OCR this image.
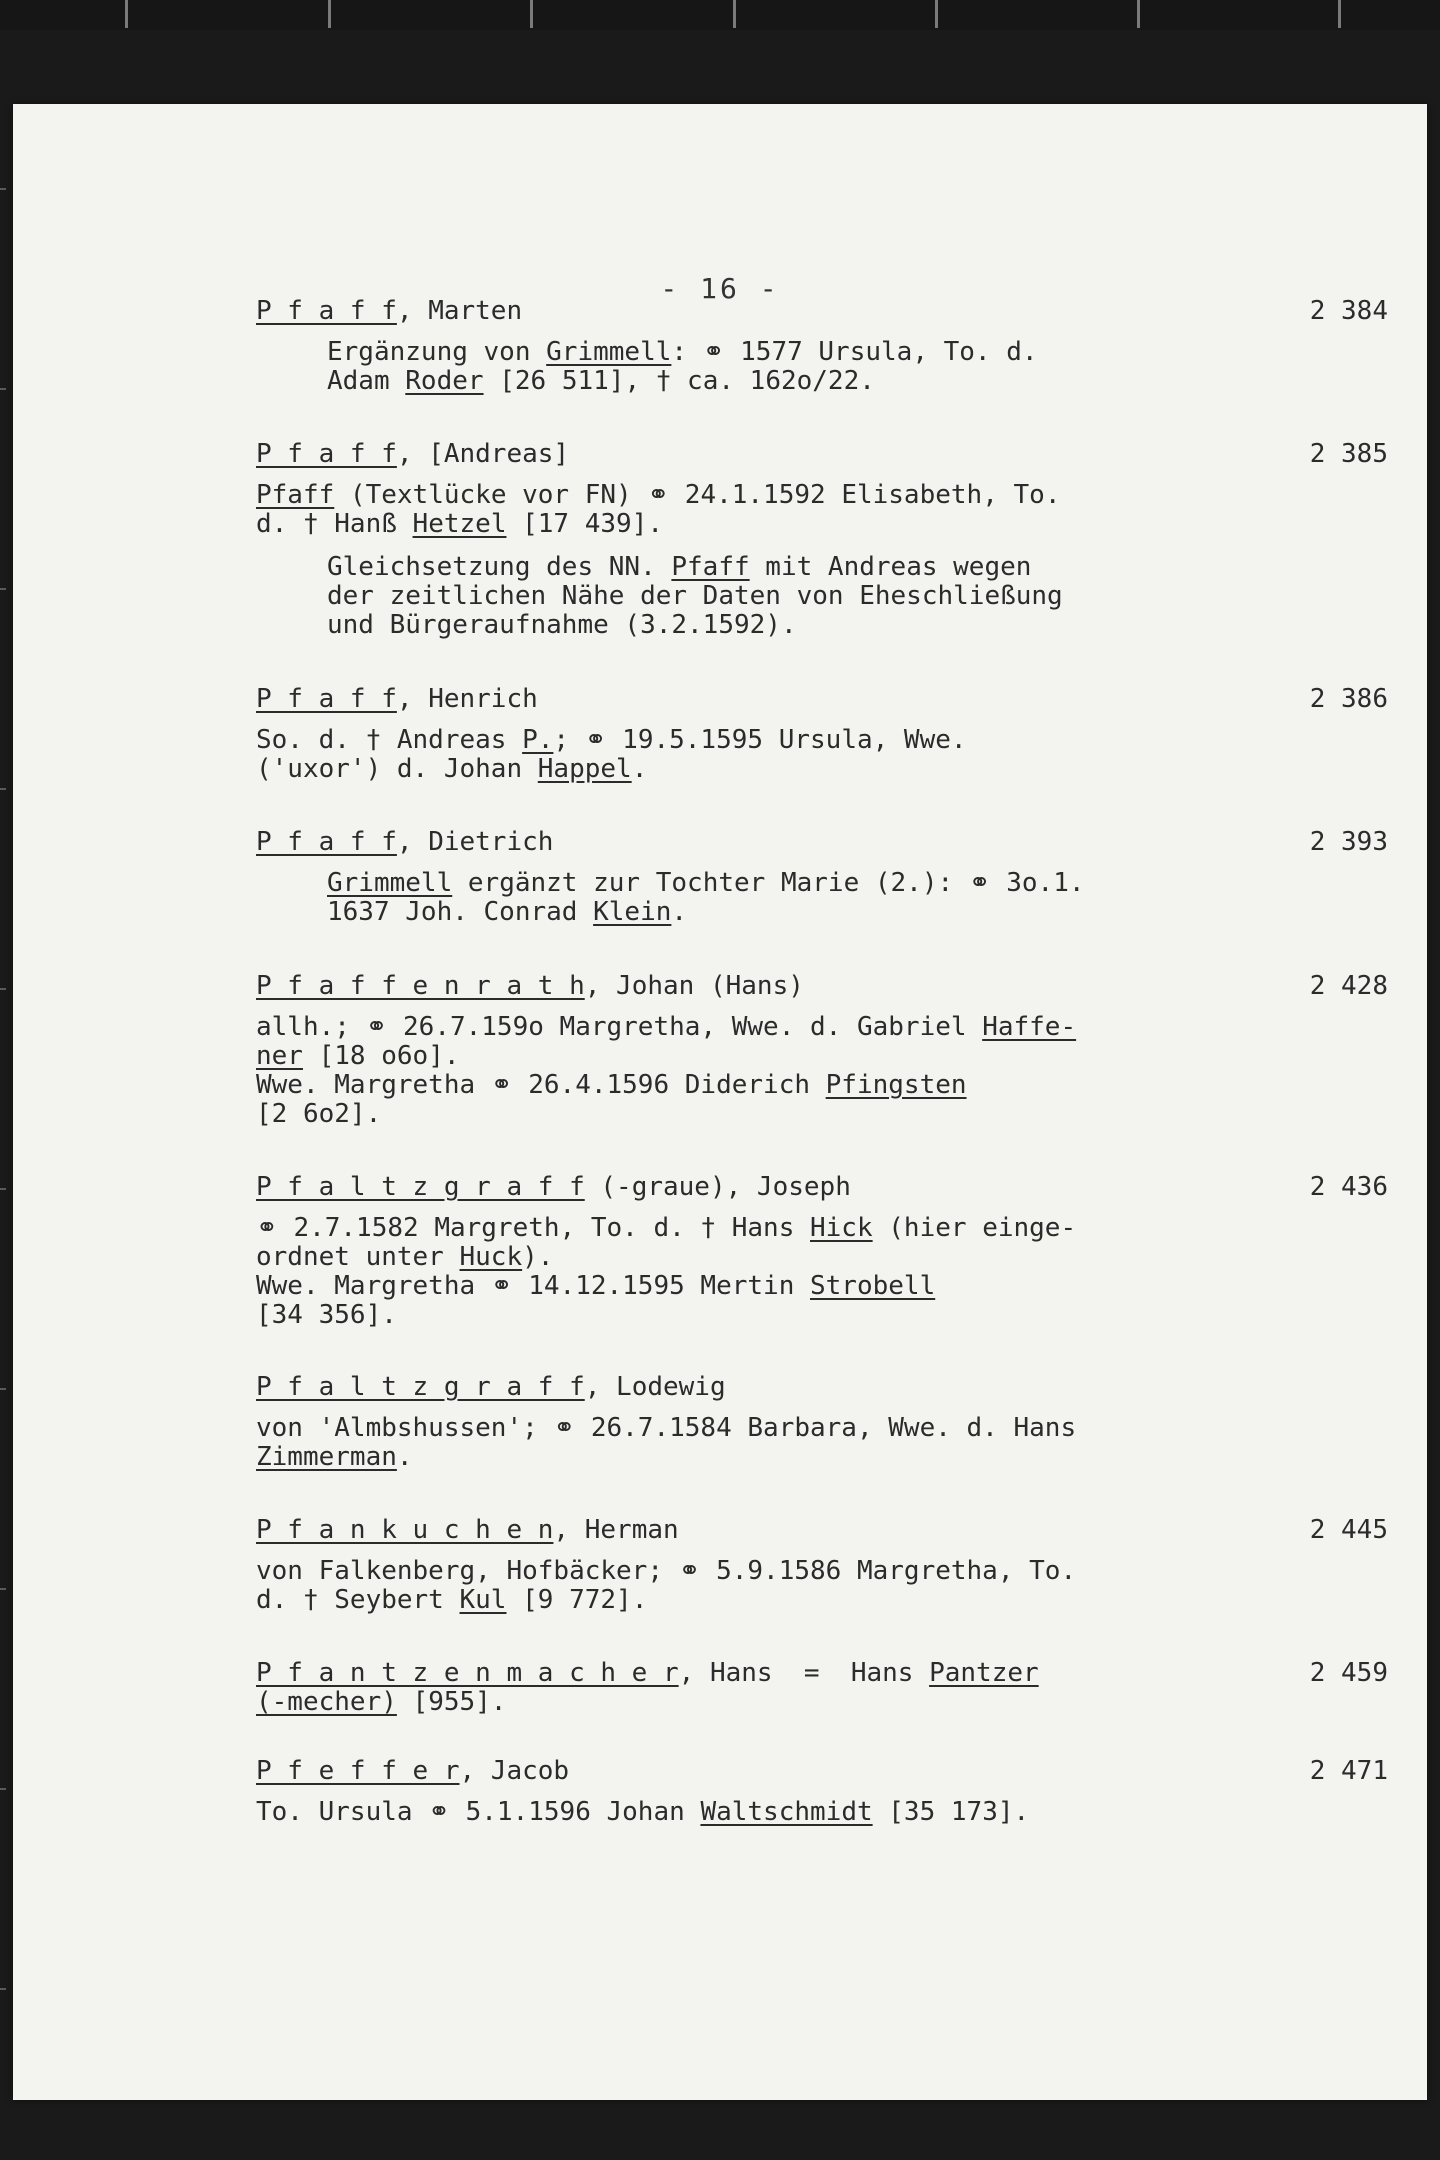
- 16 -
P f a f f, Marten	2 384
Ergänzung von Grimmell: ⚭ 1577 Ursula, To. d.
Adam Roder [26 511], † ca. 162o/22.
P f a f f, [Andreas]	2 385
Pfaff (Textlücke vor FN) ⚭ 24.1.1592 Elisabeth, To.
d. † Hanß Hetzel [17 439].
Gleichsetzung des NN. Pfaff mit Andreas wegen
der zeitlichen Nähe der Daten von Eheschließung
und Bürgeraufnahme (3.2.1592).
P f a f f, Henrich	2 386
So. d. † Andreas P.; ⚭ 19.5.1595 Ursula, Wwe.
('uxor') d. Johan Happel.
P f a f f, Dietrich	2 393
Grimmell ergänzt zur Tochter Marie (2.): ⚭ 3o.1.
1637 Joh. Conrad Klein.
P f a f f e n r a t h, Johan (Hans)	2 428
allh.; ⚭ 26.7.159o Margretha, Wwe. d. Gabriel Haffe-
ner [18 o6o].
Wwe. Margretha ⚭ 26.4.1596 Diderich Pfingsten
[2 6o2].
P f a l t z g r a f f (-graue), Joseph	2 436
⚭ 2.7.1582 Margreth, To. d. † Hans Hick (hier einge-
ordnet unter Huck).
Wwe. Margretha ⚭ 14.12.1595 Mertin Strobell
[34 356].
P f a l t z g r a f f, Lodewig
von 'Almbshussen'; ⚭ 26.7.1584 Barbara, Wwe. d. Hans
Zimmerman.
P f a n k u c h e n, Herman	2 445
von Falkenberg, Hofbäcker; ⚭ 5.9.1586 Margretha, To.
d. † Seybert Kul [9 772].
P f a n t z e n m a c h e r, Hans  =  Hans Pantzer	2 459
(-mecher) [955].
P f e f f e r, Jacob	2 471
To. Ursula ⚭ 5.1.1596 Johan Waltschmidt [35 173].
